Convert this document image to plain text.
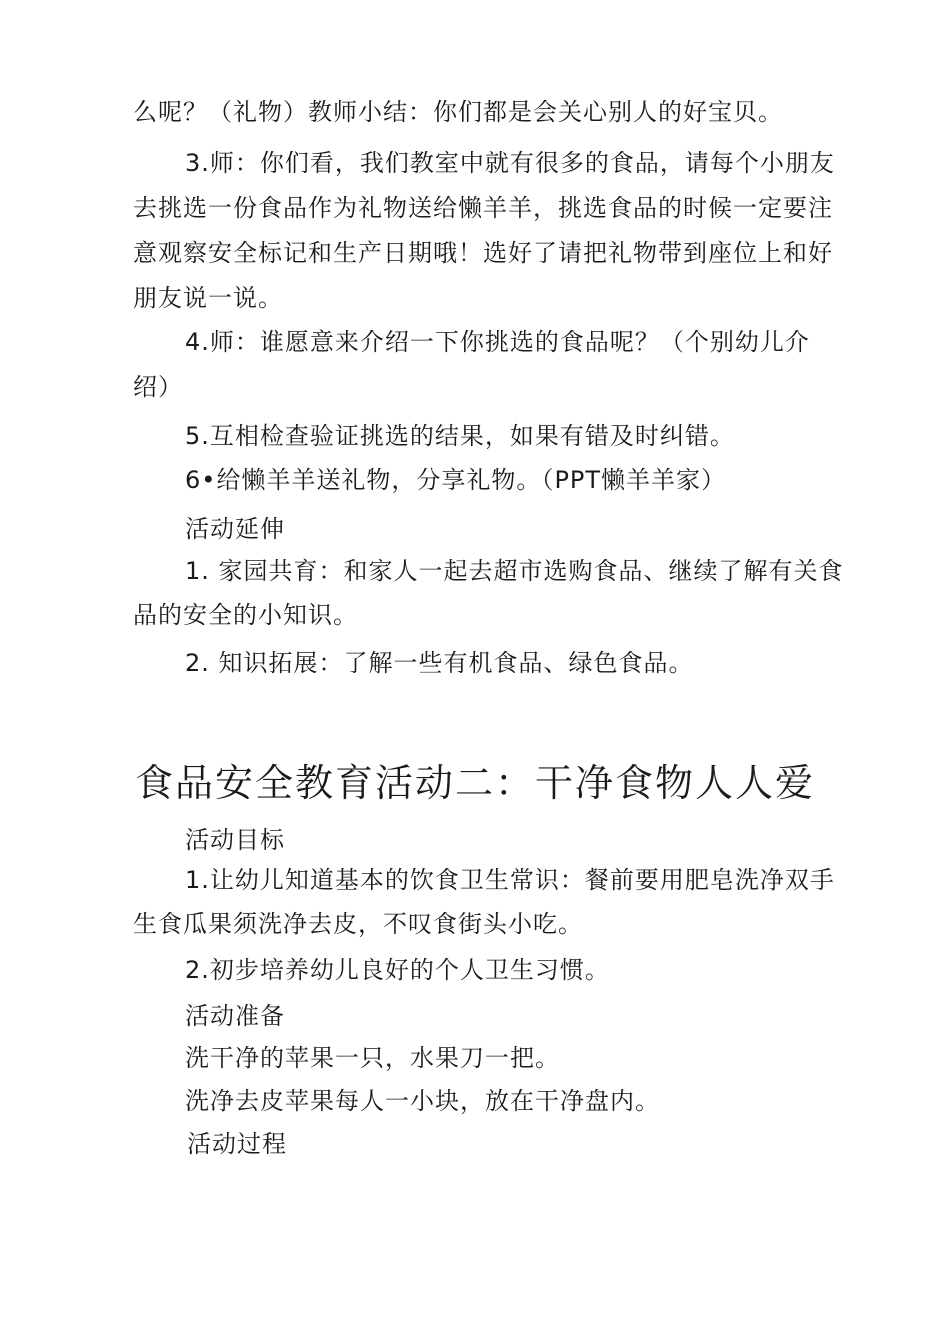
么呢？（礼物）教师小结：你们都是会关心别人的好宝贝。
3.师：你们看，我们教室中就有很多的食品，请每个小朋友
去挑选一份食品作为礼物送给懒羊羊，挑选食品的时候一定要注
意观察安全标记和生产日期哦！选好了请把礼物带到座位上和好
朋友说一说。
4.师：谁愿意来介绍一下你挑选的食品呢？（个别幼儿介
绍）
5.互相检查验证挑选的结果，如果有错及时纠错。
6•给懒羊羊送礼物，分享礼物。（PPT懒羊羊家）
活动延伸
1. 家园共育：和家人一起去超市选购食品、继续了解有关食
品的安全的小知识。
2. 知识拓展：了解一些有机食品、绿色食品。
食品安全教育活动二：干净食物人人爱
活动目标
1.让幼儿知道基本的饮食卫生常识：餐前要用肥皂洗净双手
生食瓜果须洗净去皮，不叹食街头小吃。
2.初步培养幼儿良好的个人卫生习惯。
活动准备
洗干净的苹果一只，水果刀一把。
洗净去皮苹果每人一小块，放在干净盘内。
活动过程
